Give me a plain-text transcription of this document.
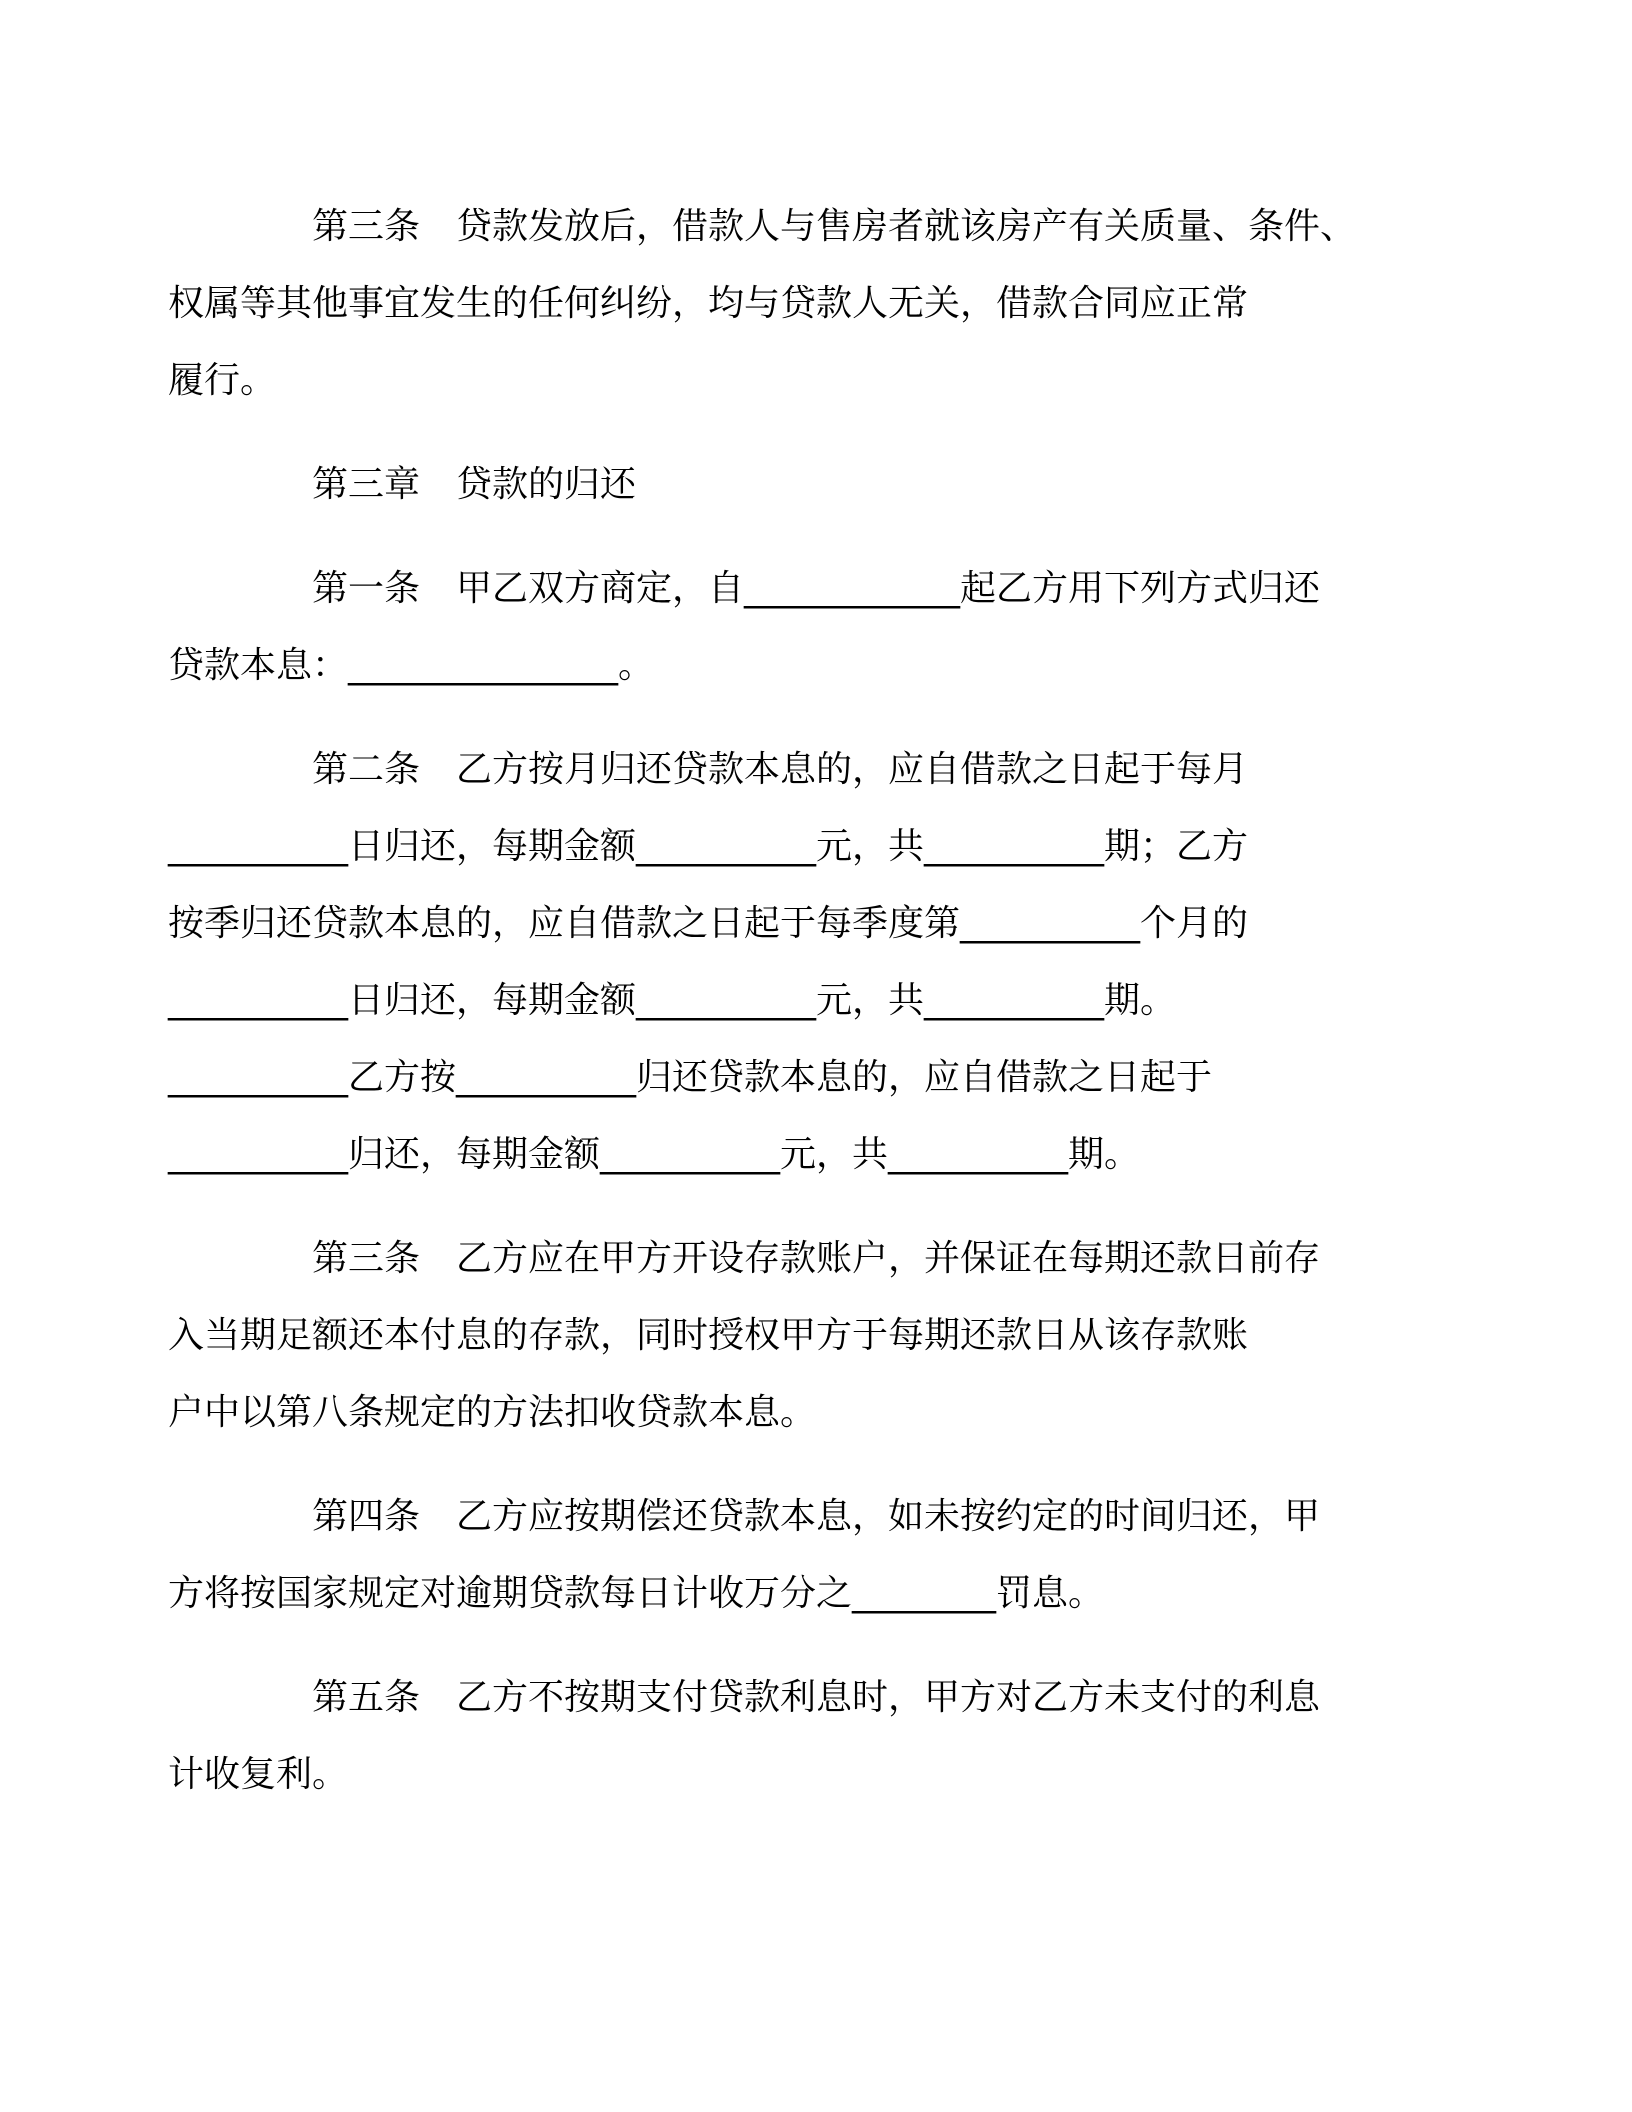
第三条　贷款发放后，借款人与售房者就该房产有关质量、条件、
权属等其他事宜发生的任何纠纷，均与贷款人无关，借款合同应正常
履行。
第三章　贷款的归还
第一条　甲乙双方商定，自____________起乙方用下列方式归还
贷款本息：_______________。
第二条　乙方按月归还贷款本息的，应自借款之日起于每月
__________日归还，每期金额__________元，共__________期；乙方
按季归还贷款本息的，应自借款之日起于每季度第__________个月的
__________日归还，每期金额__________元，共__________期。
__________乙方按__________归还贷款本息的，应自借款之日起于
__________归还，每期金额__________元，共__________期。
第三条　乙方应在甲方开设存款账户，并保证在每期还款日前存
入当期足额还本付息的存款，同时授权甲方于每期还款日从该存款账
户中以第八条规定的方法扣收贷款本息。
第四条　乙方应按期偿还贷款本息，如未按约定的时间归还，甲
方将按国家规定对逾期贷款每日计收万分之________罚息。
第五条　乙方不按期支付贷款利息时，甲方对乙方未支付的利息
计收复利。
